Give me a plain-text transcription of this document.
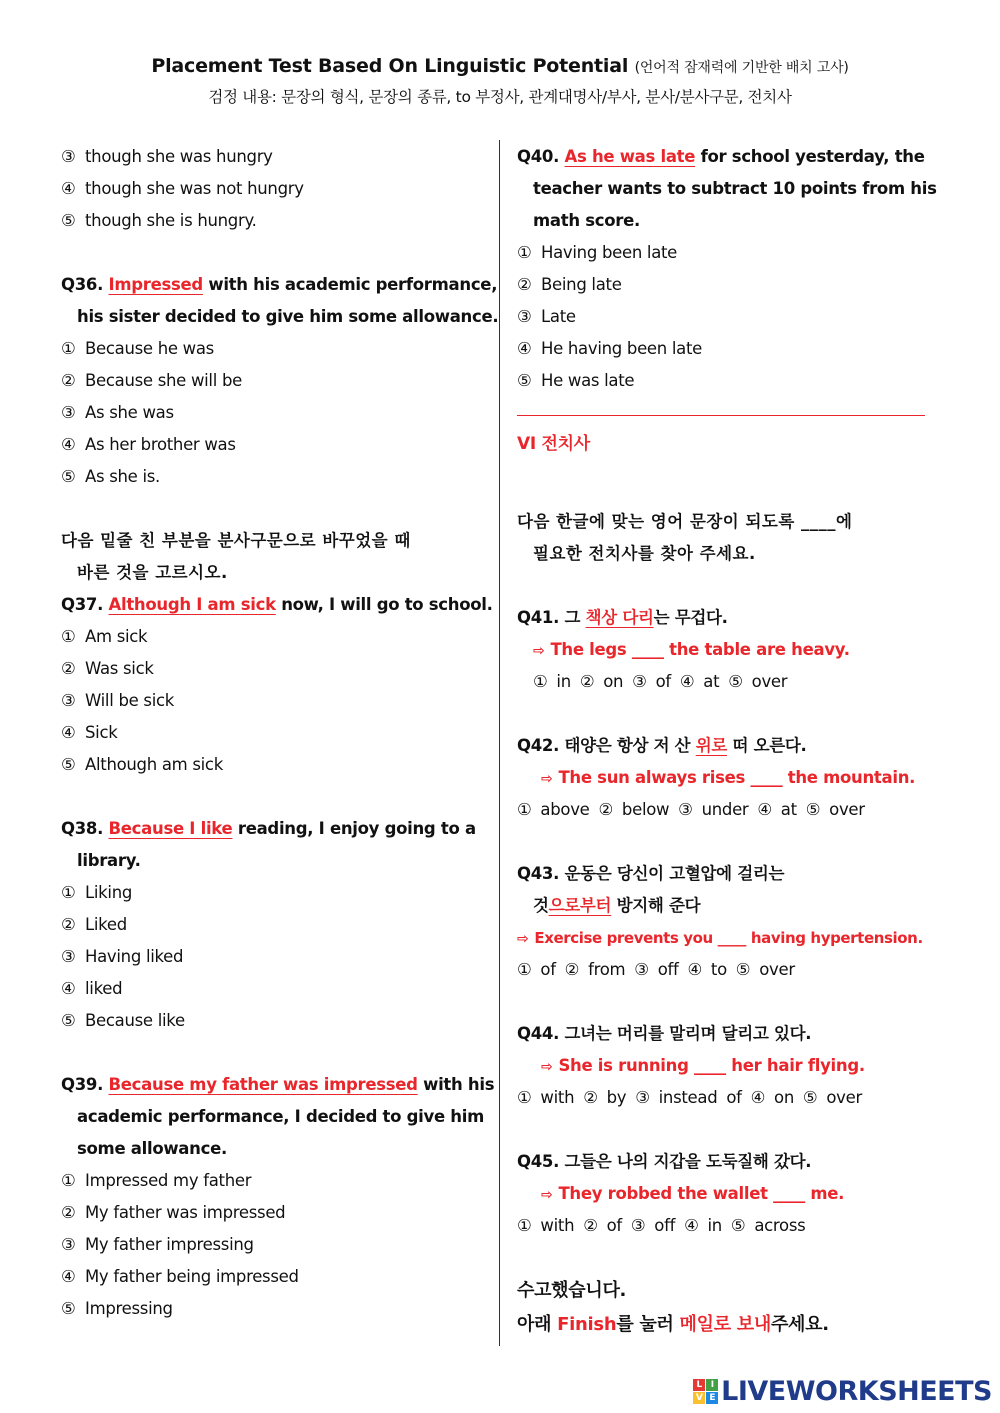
Placement Test Based On Linguistic Potential (언어적 잠재력에 기반한 배치 고사)
검정 내용: 문장의 형식, 문장의 종류, to 부정사, 관계대명사/부사, 분사/분사구문, 전치사
③ though she was hungry
④ though she was not hungry
⑤ though she is hungry.
Q36. Impressed with his academic performance,
his sister decided to give him some allowance.
① Because he was
② Because she will be
③ As she was
④ As her brother was
⑤ As she is.
다음 밑줄 친 부분을 분사구문으로 바꾸었을 때
바른 것을 고르시오.
Q37. Although I am sick now, I will go to school.
① Am sick
② Was sick
③ Will be sick
④ Sick
⑤ Although am sick
Q38. Because I like reading, I enjoy going to a
library.
① Liking
② Liked
③ Having liked
④ liked
⑤ Because like
Q39. Because my father was impressed with his
academic performance, I decided to give him
some allowance.
① Impressed my father
② My father was impressed
③ My father impressing
④ My father being impressed
⑤ Impressing
Q40. As he was late for school yesterday, the
teacher wants to subtract 10 points from his
math score.
① Having been late
② Being late
③ Late
④ He having been late
⑤ He was late
VI 전치사
다음 한글에 맞는 영어 문장이 되도록 ____에
필요한 전치사를 찾아 주세요.
Q41. 그 책상 다리는 무겁다.
⇨ The legs ____ the table are heavy.
① in ② on ③ of ④ at ⑤ over
Q42. 태양은 항상 저 산 위로 떠 오른다.
⇨ The sun always rises ____ the mountain.
① above ② below ③ under ④ at ⑤ over
Q43. 운동은 당신이 고혈압에 걸리는
것으로부터 방지해 준다
⇨ Exercise prevents you ____ having hypertension.
① of ② from ③ off ④ to ⑤ over
Q44. 그녀는 머리를 말리며 달리고 있다.
⇨ She is running ____ her hair flying.
① with ② by ③ instead of ④ on ⑤ over
Q45. 그들은 나의 지갑을 도둑질해 갔다.
⇨ They robbed the wallet ____ me.
① with ② of ③ off ④ in ⑤ across
수고했습니다.
아래 Finish를 눌러 메일로 보내주세요.
L I
V E LIVEWORKSHEETS
